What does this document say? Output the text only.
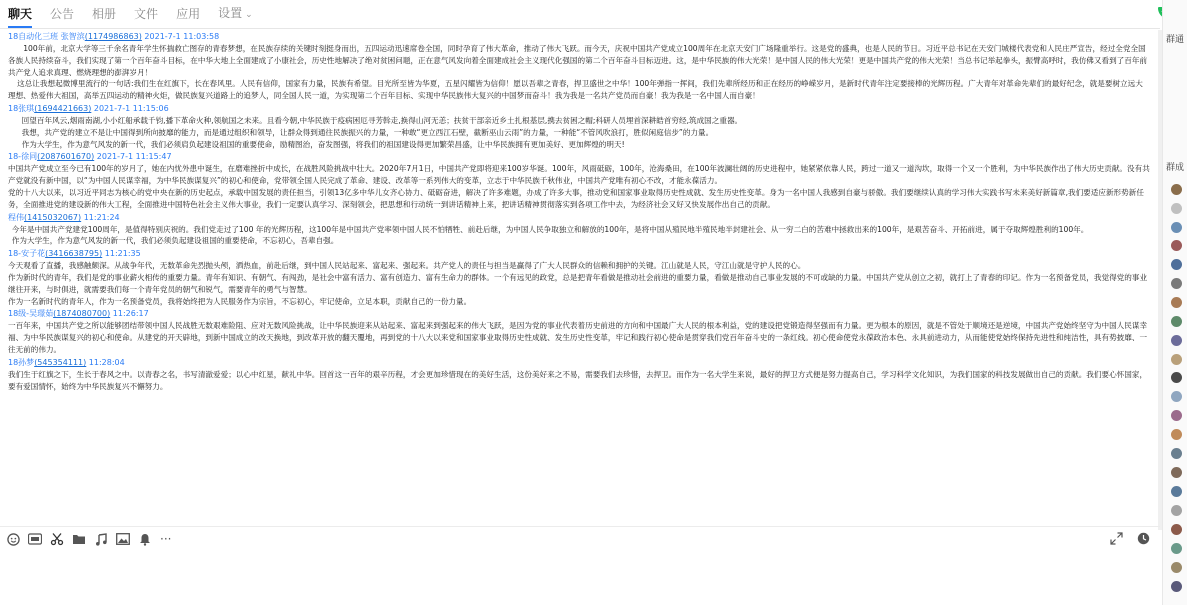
聊天 公告 相册 文件 应用 设置 ⌄
18自动化三班 张智滨(1174986863) 2021-7-1 11:03:58

100年前，北京大学等三千余名青年学生怀揣救亡图存的青春梦想，在民族存续的关键时刻挺身而出，五四运动迅速席卷全国，同时孕育了伟大革命，推动了伟大飞跃。而今天，庆祝中国共产党成立100周年在北京天安门广场隆重举行。这是党的盛典，也是人民的节日。习近平总书记在天安门城楼代表党和人民庄严宣告，经过全党全国各族人民持续奋斗，我们实现了第一个百年奋斗目标，在中华大地上全面建成了小康社会，历史性地解决了绝对贫困问题，正在意气风发向着全面建成社会主义现代化强国的第二个百年奋斗目标迈进。这，是中华民族的伟大光荣！是中国人民的伟大光荣！更是中国共产党的伟大光荣！当总书记举起拳头，振臂高呼时，我仿佛又看到了百年前共产党人追求真理、燃烧理想的澎湃岁月！

这总让我想起微博里流行的一句话:我们生在红旗下，长在春风里。人民有信仰，国家有力量，民族有希望。目光所至皆为华夏，五星闪耀皆为信仰！愿以吾辈之青春，捍卫盛世之中华！100年弹指一挥间，我们先辈所经历和正在经历的峥嵘岁月，是新时代青年注定要接棒的光辉历程。广大青年对革命先辈们的最好纪念，就是要树立远大理想、热爱伟大祖国，高举五四运动的精神火炬，做民族复兴道路上的追梦人，同全国人民一道，为实现第二个百年目标、实现中华民族伟大复兴的中国梦而奋斗！我为我是一名共产党员而自豪！我为我是一名中国人而自豪！

18张琪(1694421663) 2021-7-1 11:15:06

回望百年风云,烟雨南湖,小小红船承载千钧,播下革命火种,领航国之未来。且看今朝,中华民族于疫病困厄寻芳斡走,换得山河无恙；扶贫干部亲近乡土扎根基层,携去贫困之帽;科研人员埋首深耕皓首穷经,筑成国之重器。

我想，共产党的建立不是让中国得到所向披靡的能力，而是通过组织和领导，让群众得到通往民族振兴的力量，一种敢“更立西江石壁，截断巫山云雨”的力量，一种能“不管风吹浪打，胜似闲庭信步”的力量。

作为大学生，作为意气风发的新一代，我们必须肩负起建设祖国的重要使命，励精图治，奋发图强，将我们的祖国建设得更加繁荣昌盛，让中华民族拥有更加美好、更加辉煌的明天!

18-徐同(2087601670) 2021-7-1 11:15:47

中国共产党成立至今已有100年的岁月了，她在内忧外患中诞生，在磨难挫折中成长，在战胜风险挑战中壮大。2020年7月1日，中国共产党即将迎来100岁华诞。100年，风雨砥砺，100年，沧海桑田，在100年波澜壮阔的历史进程中，她紧紧依靠人民，跨过一道又一道沟坎，取得一个又一个胜利，为中华民族作出了伟大历史贡献。没有共产党就没有新中国，以“为中国人民谋幸福，为中华民族谋复兴”的初心和使命，党带领全国人民完成了革命、建设、改革等一系列伟大的变革，立志于中华民族千秋伟业，中国共产党唯有初心不改，才能永葆活力。

党的十八大以来，以习近平同志为核心的党中央在新的历史起点，承载中国发展的责任担当，引领13亿多中华儿女齐心协力、砥砺奋进，解决了许多难题，办成了许多大事，推动党和国家事业取得历史性成就、发生历史性变革。身为一名中国人我感到自豪与骄傲。我们要继续认真的学习伟大实践书写未来美好新篇章,我们要适应新形势新任务，全面推进党的建设新的伟大工程，全面推进中国特色社会主义伟大事业，我们一定要认真学习、深刻领会，把思想和行动统一到讲话精神上来，把讲话精神贯彻落实到各项工作中去，为经济社会又好又快发展作出自己的贡献。

程伟(1415032067) 11:21:24

今年是中国共产党建党100周年，是值得特别庆祝的。我们党走过了100 年的光辉历程，这100年是中国共产党率领中国人民不怕牺牲、前赴后继，为中国人民争取独立和解放的100年，是将中国从殖民地半殖民地半封建社会、从一穷二白的苦难中拯救出来的100年，是艰苦奋斗、开拓前进，属于夺取辉煌胜利的100年。

作为大学生，作为意气风发的新一代，我们必须负起建设祖国的重要使命，不忘初心，吾辈自强。

18-安子花(3416638795) 11:21:35

今天观看了直播，我感触颇深。从战争年代，无数革命先烈抛头颅，洒热血，前赴后继，到中国人民站起来、富起来、强起来。共产党人的责任与担当是赢得了广大人民群众的信赖和拥护的关键。江山就是人民，守江山就是守护人民的心。

作为新时代的青年，我们是党的事业薪火相传的重要力量。青年有知识、有朝气、有闯劲，是社会中富有活力、富有创造力、富有生命力的群体。一个有远见的政党，总是把青年看做是推动社会前进的重要力量，看做是推动自己事业发展的不可或缺的力量。中国共产党从创立之初，就打上了青春的印记。作为一名预备党员，我觉得党的事业继往开来，与时俱进，就需要我们每一个青年党员的朝气和锐气，需要青年的勇气与智慧。

作为一名新时代的青年人，作为一名预备党员，我将始终把为人民服务作为宗旨，不忘初心，牢记使命，立足本职，贡献自己的一份力量。

18级-吴璟茹(1874080700) 11:26:17

一百年来，中国共产党之所以能够团结带领中国人民战胜无数艰难险阻、应对无数风险挑战，让中华民族迎来从站起来、富起来到强起来的伟大飞跃，是因为党的事业代表着历史前进的方向和中国最广大人民的根本利益，党的建设把党锻造得坚强而有力量。更为根本的原因，就是不管处于顺境还是逆境，中国共产党始终坚守为中国人民谋幸福、为中华民族谋复兴的初心和使命。从建党的开天辟地，到新中国成立的改天换地，到改革开放的翻天覆地，再到党的十八大以来党和国家事业取得历史性成就、发生历史性变革，牢记和践行初心使命是贯穿我们党百年奋斗史的一条红线。初心使命使党永葆政治本色、永具前进动力，从而能使党始终保持先进性和纯洁性，具有势披靡、一往无前的伟力。

18孙梦(545354111) 11:28:04

我们生于红旗之下，生长于春风之中。以青春之名，书写清澈爱爱；以心中红星，献礼中华。回首这一百年的艰辛历程，才会更加珍惜现在的美好生活，这份美好来之不易，需要我们去珍惜，去捍卫。而作为一名大学生来说，最好的捍卫方式便是努力提高自己，学习科学文化知识，为我们国家的科技发展做出自己的贡献。我们要心怀国家，要有爱国情怀，始终为中华民族复兴不懈努力。

···
群通
群成
